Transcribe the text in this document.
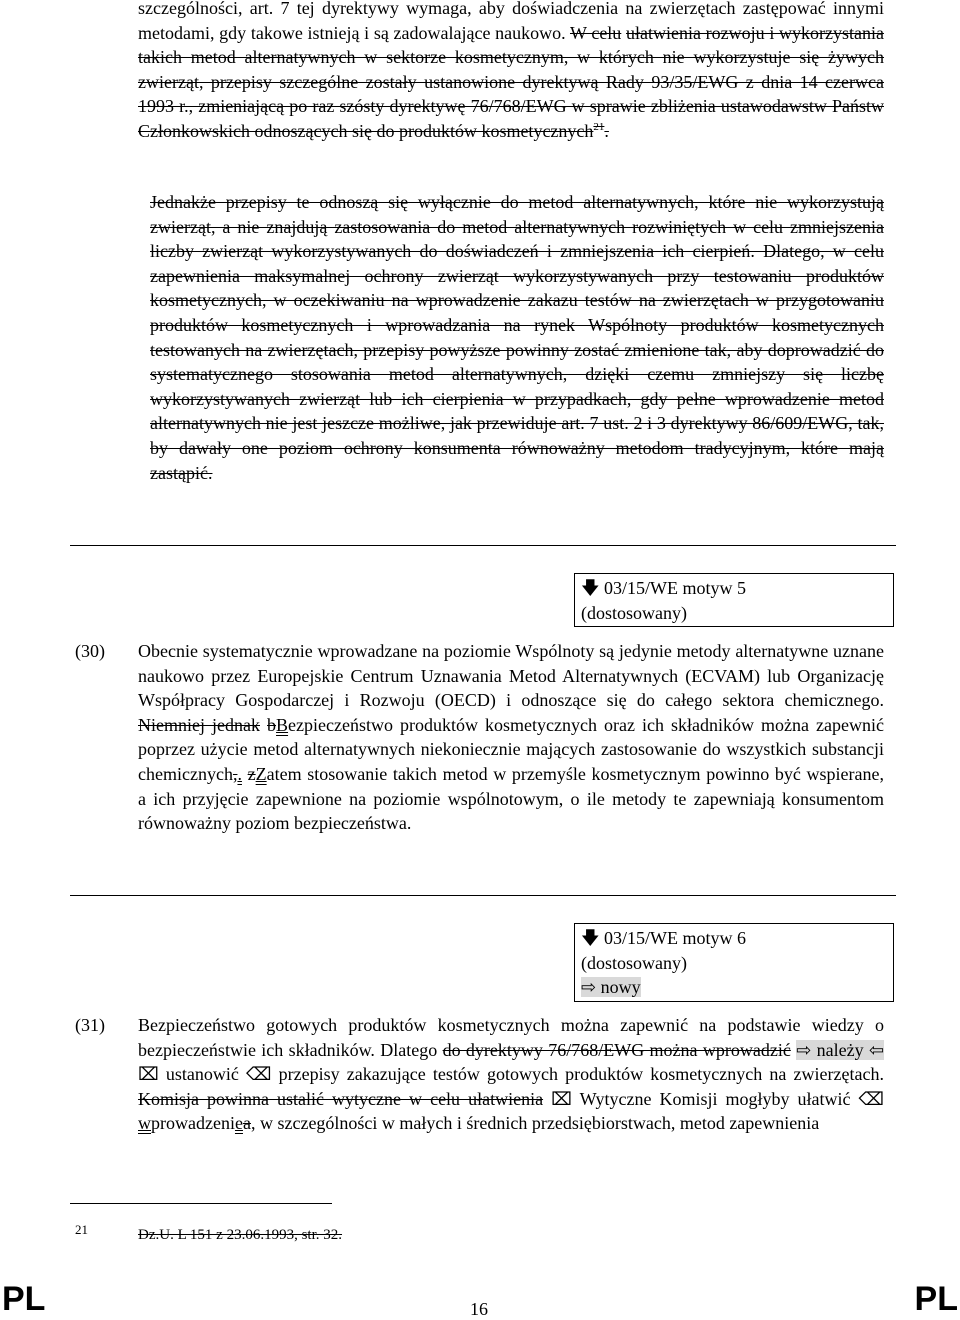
szczególności, art. 7 tej dyrektywy wymaga, aby doświadczenia na zwierzętach zastępować innymi metodami, gdy takowe istnieją i są zadowalające naukowo. W celu ułatwienia rozwoju i wykorzystania takich metod alternatywnych w sektorze kosmetycznym, w których nie wykorzystuje się żywych zwierząt, przepisy szczególne zostały ustanowione dyrektywą Rady 93/35/EWG z dnia 14 czerwca 1993 r., zmieniającą po raz szósty dyrektywę 76/768/EWG w sprawie zbliżenia ustawodawstw Państw Członkowskich odnoszących się do produktów kosmetycznych$^{21}$.
Jednakże przepisy te odnoszą się wyłącznie do metod alternatywnych, które nie wykorzystują zwierząt, a nie znajdują zastosowania do metod alternatywnych rozwiniętych w celu zmniejszenia liczby zwierząt wykorzystywanych do doświadczeń i zmniejszenia ich cierpień. Dlatego, w celu zapewnienia maksymalnej ochrony zwierząt wykorzystywanych przy testowaniu produktów kosmetycznych, w oczekiwaniu na wprowadzenie zakazu testów na zwierzętach w przygotowaniu produktów kosmetycznych i wprowadzania na rynek Wspólnoty produktów kosmetycznych testowanych na zwierzętach, przepisy powyższe powinny zostać zmienione tak, aby doprowadzić do systematycznego stosowania metod alternatywnych, dzięki czemu zmniejszy się liczbę wykorzystywanych zwierząt lub ich cierpienia w przypadkach, gdy pełne wprowadzenie metod alternatywnych nie jest jeszcze możliwe, jak przewiduje art. 7 ust. 2 i 3 dyrektywy 86/609/EWG, tak, by dawały one poziom ochrony konsumenta równoważny metodom tradycyjnym, które mają zastąpić.
🡇 03/15/WE motyw 5
(dostosowany)
(30) Obecnie systematycznie wprowadzane na poziomie Wspólnoty są jedynie metody alternatywne uznane naukowo przez Europejskie Centrum Uznawania Metod Alternatywnych (ECVAM) lub Organizację Współpracy Gospodarczej i Rozwoju (OECD) i odnoszące się do całego sektora chemicznego. Niemniej jednak bBezpieczeństwo produktów kosmetycznych oraz ich składników można zapewnić poprzez użycie metod alternatywnych niekoniecznie mających zastosowanie do wszystkich substancji chemicznych,. zZatem stosowanie takich metod w przemyśle kosmetycznym powinno być wspierane, a ich przyjęcie zapewnione na poziomie wspólnotowym, o ile metody te zapewniają konsumentom równoważny poziom bezpieczeństwa.
🡇 03/15/WE motyw 6
(dostosowany)
⇨ nowy
(31) Bezpieczeństwo gotowych produktów kosmetycznych można zapewnić na podstawie wiedzy o bezpieczeństwie ich składników. Dlatego do dyrektywy 76/768/EWG można wprowadzić ⇨ należy ⇦ ⌧ ustanowić ⌫ przepisy zakazujące testów gotowych produktów kosmetycznych na zwierzętach. Komisja powinna ustalić wytyczne w celu ułatwienia ⌧ Wytyczne Komisji mogłyby ułatwić ⌫ wprowadzeniea, w szczególności w małych i średnich przedsiębiorstwach, metod zapewnienia
21	Dz.U. L 151 z 23.06.1993, str. 32.
PL	16	PL
